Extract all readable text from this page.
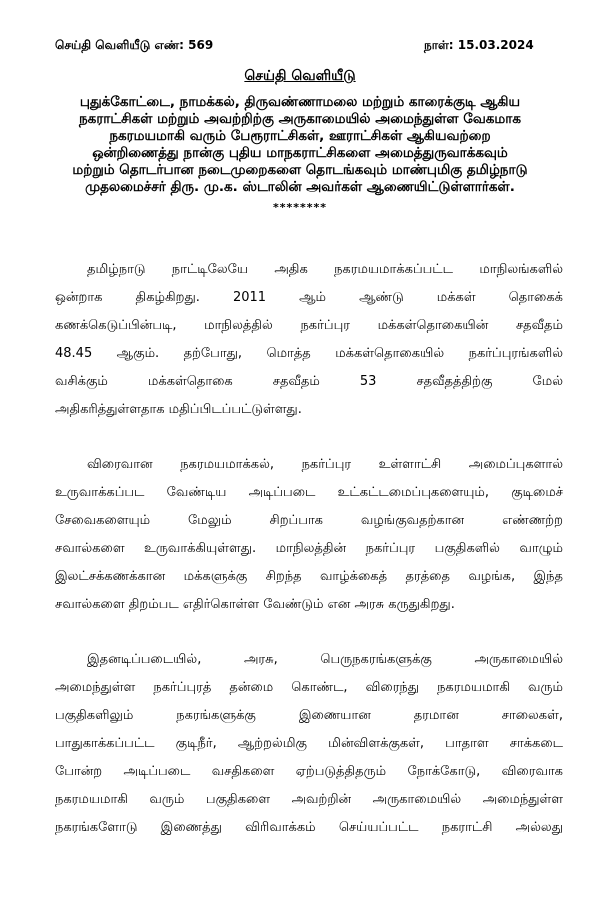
செய்தி வெளியீடு எண்: 569	நாள்: 15.03.2024
செய்தி வெளியீடு
புதுக்கோட்டை, நாமக்கல், திருவண்ணாமலை மற்றும் காரைக்குடி ஆகிய
நகராட்சிகள் மற்றும் அவற்றிற்கு அருகாமையில் அமைந்துள்ள வேகமாக
நகரமயமாகி வரும் பேரூராட்சிகள், ஊராட்சிகள் ஆகியவற்றை
ஒன்றிணைத்து நான்கு புதிய மாநகராட்சிகளை அமைத்துருவாக்கவும்
மற்றும் தொடர்பான நடைமுறைகளை தொடங்கவும் மாண்புமிகு தமிழ்நாடு
முதலமைச்சர் திரு. மு.க. ஸ்டாலின் அவர்கள் ஆணையிட்டுள்ளார்கள்.
********
தமிழ்நாடு நாட்டிலேயே அதிக நகரமயமாக்கப்பட்ட மாநிலங்களில்
ஒன்றாக திகழ்கிறது. 2011 ஆம் ஆண்டு மக்கள் தொகைக்
கணக்கெடுப்பின்படி, மாநிலத்தில் நகர்ப்புர மக்கள்தொகையின் சதவீதம்
48.45 ஆகும். தற்போது, மொத்த மக்கள்தொகையில் நகர்ப்புரங்களில்
வசிக்கும் மக்கள்தொகை சதவீதம் 53 சதவீதத்திற்கு மேல்
அதிகரித்துள்ளதாக மதிப்பிடப்பட்டுள்ளது.
விரைவான நகரமயமாக்கல், நகர்ப்புர உள்ளாட்சி அமைப்புகளால்
உருவாக்கப்பட வேண்டிய அடிப்படை உட்கட்டமைப்புகளையும், குடிமைச்
சேவைகளையும் மேலும் சிறப்பாக வழங்குவதற்கான எண்ணற்ற
சவால்களை உருவாக்கியுள்ளது. மாநிலத்தின் நகர்ப்புர பகுதிகளில் வாழும்
இலட்சக்கணக்கான மக்களுக்கு சிறந்த வாழ்க்கைத் தரத்தை வழங்க, இந்த
சவால்களை திறம்பட எதிர்கொள்ள வேண்டும் என அரசு கருதுகிறது.
இதனடிப்படையில், அரசு, பெருநகரங்களுக்கு அருகாமையில்
அமைந்துள்ள நகர்ப்புரத் தன்மை கொண்ட, விரைந்து நகரமயமாகி வரும்
பகுதிகளிலும் நகரங்களுக்கு இணையான தரமான சாலைகள்,
பாதுகாக்கப்பட்ட குடிநீர், ஆற்றல்மிகு மின்விளக்குகள், பாதாள சாக்கடை
போன்ற அடிப்படை வசதிகளை ஏற்படுத்திதரும் நோக்கோடு, விரைவாக
நகரமயமாகி வரும் பகுதிகளை அவற்றின் அருகாமையில் அமைந்துள்ள
நகரங்களோடு இணைத்து விரிவாக்கம் செய்யப்பட்ட நகராட்சி அல்லது
